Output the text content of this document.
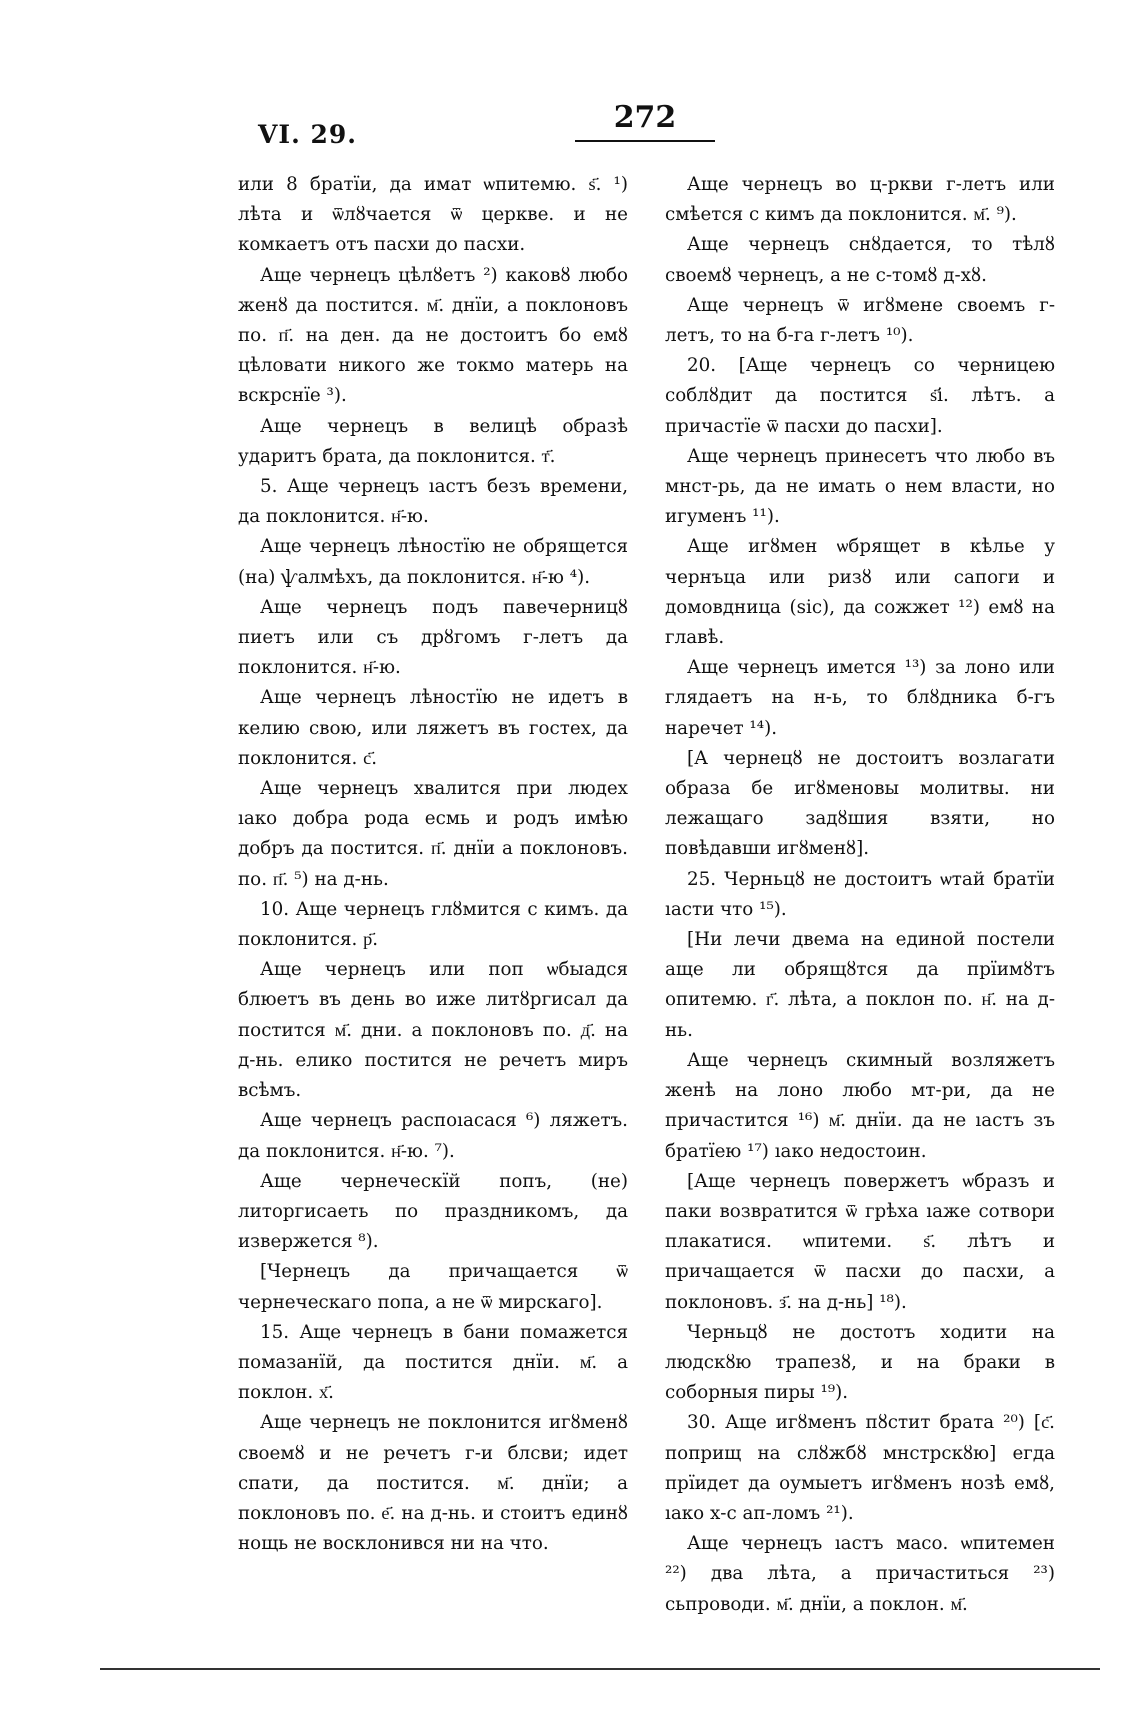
VI. 29.	272

или 8 братїи, да имат ѡпитемю. ѕ҃. ¹) лѣта и ѿлȣчается ѿ церкве. и не комкаетъ отъ пасхи до пасхи.

Аще чернецъ цѣлȣетъ ²) каковȣ любо женȣ да постится. м҃. днїи, а поклоновъ по. п҃. на ден. да не достоитъ бо емȣ цѣловати никого же токмо матерь на вскрснїе ³).

Аще чернецъ в велицѣ образѣ ударитъ брата, да поклонится. т҃.

5. Аще чернецъ ıастъ безъ времени, да поклонится. н҃-ю.

Аще чернецъ лѣностїю не обрящется (на) ѱалмѣхъ, да поклонится. н҃-ю ⁴).

Аще чернецъ подъ павечерницȣ пиетъ или съ дрȣгомъ г-летъ да поклонится. н҃-ю.

Аще чернецъ лѣностїю не идетъ в келию свою, или ляжетъ въ гостех, да поклонится. с҃.

Аще чернецъ хвалится при людех ıако добра рода есмь и родъ имѣю добръ да постится. п҃. днїи а поклоновъ. по. п҃. ⁵) на д-нь.

10. Аще чернецъ глȣмится с кимъ. да поклонится. р҃.

Аще чернецъ или поп ѡбыадся блюетъ въ день во иже литȣргисал да постится м҃. дни. а поклоновъ по. д҃. на д-нь. елико постится не речетъ миръ всѣмъ.

Аще чернецъ распоıасася ⁶) ляжетъ. да поклонится. н҃-ю. ⁷).

Аще чернеческїй попъ, (не) литоргисаеть по праздникомъ, да извержется ⁸).

[Чернецъ да причащается ѿ чернеческаго попа, а не ѿ мирскаго].

15. Аще чернецъ в бани помажется помазанїй, да постится днїи. м҃. а поклон. х҃.

Аще чернецъ не поклонится игȣменȣ своемȣ и не речетъ г-и блсви; идет спати, да постится. м҃. днїи; а поклоновъ по. е҃. на д-нь. и стоитъ единȣ нощь не восклонився ни на что.

Аще чернецъ во ц-ркви г-летъ или смѣется с кимъ да поклонится. м҃. ⁹).

Аще чернецъ снȣдается, то тѣлȣ своемȣ чернецъ, а не с-томȣ д-хȣ.

Аще чернецъ ѿ игȣмене своемъ г-летъ, то на б-га г-летъ ¹⁰).

20. [Аще чернецъ со черницею соблȣдит да постится ѕ҃і. лѣтъ. а причастїе ѿ пасхи до пасхи].

Аще чернецъ принесетъ что любо въ мнст-рь, да не имать о нем власти, но игуменъ ¹¹).

Аще игȣмен ѡбрящет в кѣлье у чернъца или ризȣ или сапоги и домовдница (sic), да сожжет ¹²) емȣ на главѣ.

Аще чернецъ имется ¹³) за лоно или глядаетъ на н-ь, то блȣдника б-гъ наречет ¹⁴).

[А чернецȣ не достоитъ возлагати образа бе игȣменовы молитвы. ни лежащаго задȣшия взяти, но повѣдавши игȣменȣ].

25. Черньцȣ не достоитъ ѡтай братїи ıасти что ¹⁵).

[Ни лечи двема на единой постели аще ли обрящȣтся да прїимȣтъ опитемю. г҃. лѣта, а поклон по. н҃. на д-нь.

Аще чернецъ скимный возляжетъ женѣ на лоно любо мт-ри, да не причастится ¹⁶) м҃. днїи. да не ıастъ зъ братїею ¹⁷) ıако недостоин.

[Аще чернецъ повержетъ ѡбразъ и паки возвратится ѿ грѣха ıаже сотвори плакатися. ѡпитеми. ѕ҃. лѣтъ и причащается ѿ пасхи до пасхи, а поклоновъ. з҃. на д-нь] ¹⁸).

Черньцȣ не достотъ ходити на людскȣю трапезȣ, и на браки в соборныя пиры ¹⁹).

30. Аще игȣменъ пȣстит брата ²⁰) [с҃. поприщ на слȣжбȣ мнстрскȣю] егда прїидет да оумыетъ игȣменъ нозѣ емȣ, ıако х-с ап-ломъ ²¹).

Аще чернецъ ıастъ масо. ѡпитемен ²²) два лѣта, а причаститься ²³) сьпроводи. м҃. днїи, а поклон. м҃.
